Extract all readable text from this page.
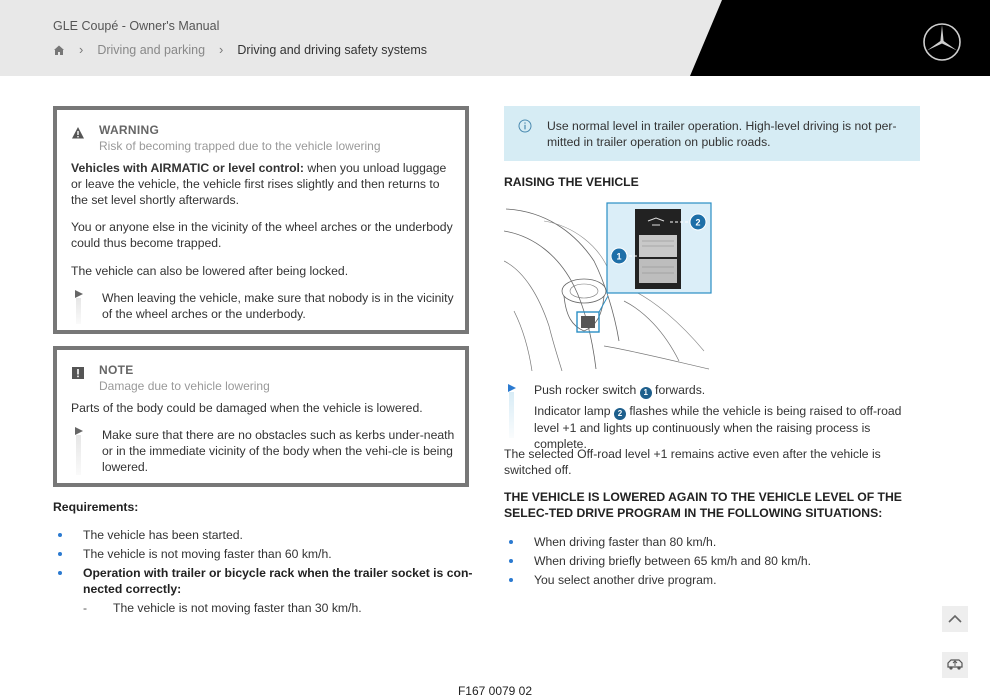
GLE Coupé - Owner's Manual
› Driving and parking › Driving and driving safety systems
WARNING
Risk of becoming trapped due to the vehicle lowering

Vehicles with AIRMATIC or level control: when you unload luggage or leave the vehicle, the vehicle first rises slightly and then returns to the set level shortly afterwards.

You or anyone else in the vicinity of the wheel arches or the underbody could thus become trapped.

The vehicle can also be lowered after being locked.

When leaving the vehicle, make sure that nobody is in the vicinity of the wheel arches or the underbody.
NOTE
Damage due to vehicle lowering

Parts of the body could be damaged when the vehicle is lowered.

Make sure that there are no obstacles such as kerbs under-neath or in the immediate vicinity of the body when the vehi-cle is being lowered.
Requirements:
The vehicle has been started.
The vehicle is not moving faster than 60 km/h.
Operation with trailer or bicycle rack when the trailer socket is con-nected correctly:
- The vehicle is not moving faster than 30 km/h.
Use normal level in trailer operation. High-level driving is not per-mitted in trailer operation on public roads.
RAISING THE VEHICLE
2
1
Push rocker switch 1 forwards.
Indicator lamp 2 flashes while the vehicle is being raised to off-road level +1 and lights up continuously when the raising process is complete.
The selected Off-road level +1 remains active even after the vehicle is switched off.
THE VEHICLE IS LOWERED AGAIN TO THE VEHICLE LEVEL OF THE SELEC-TED DRIVE PROGRAM IN THE FOLLOWING SITUATIONS:
When driving faster than 80 km/h.
When driving briefly between 65 km/h and 80 km/h.
You select another drive program.
F167 0079 02
